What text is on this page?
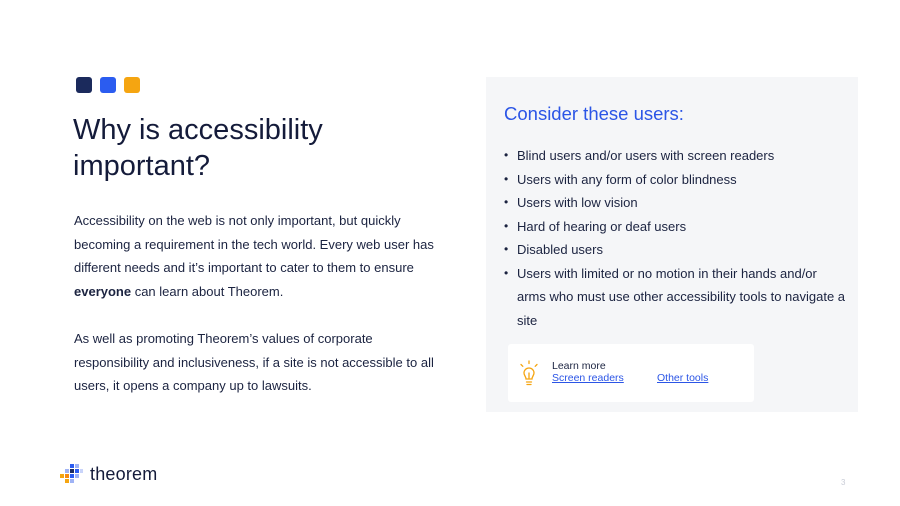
Why is accessibility important?

Accessibility on the web is not only important, but quickly becoming a requirement in the tech world. Every web user has different needs and it’s important to cater to them to ensure everyone can learn about Theorem.

As well as promoting Theorem’s values of corporate responsibility and inclusiveness, if a site is not accessible to all users, it opens a company up to lawsuits.

Consider these users:
• Blind users and/or users with screen readers
• Users with any form of color blindness
• Users with low vision
• Hard of hearing or deaf users
• Disabled users
• Users with limited or no motion in their hands and/or arms who must use other accessibility tools to navigate a site
Learn more
Screen readers	Other tools
theorem	3
